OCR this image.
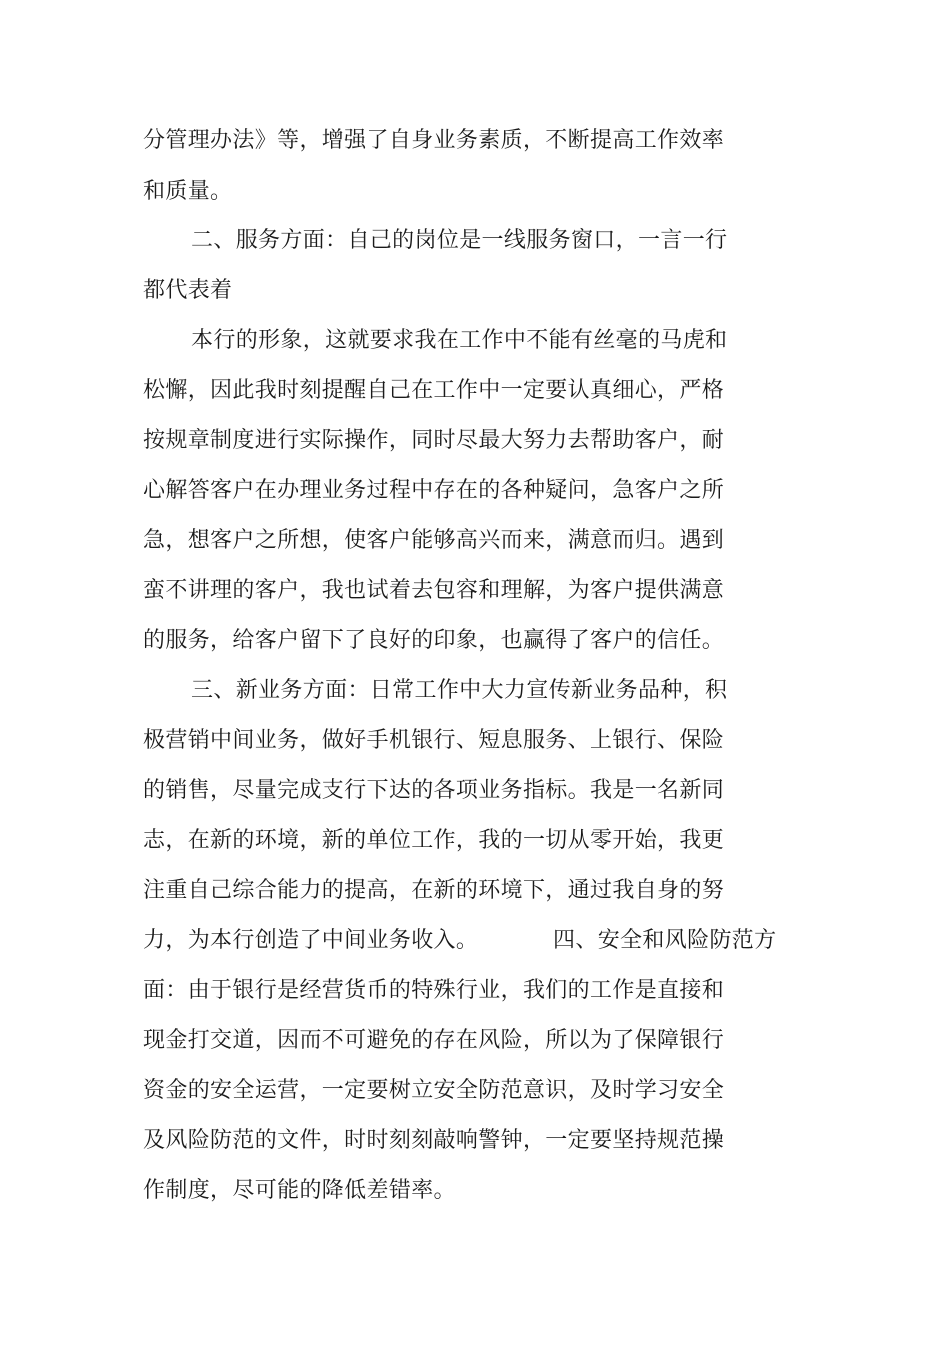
分管理办法》等，增强了自身业务素质，不断提高工作效率
和质量。
二、服务方面：自己的岗位是一线服务窗口，一言一行
都代表着
本行的形象，这就要求我在工作中不能有丝毫的马虎和
松懈，因此我时刻提醒自己在工作中一定要认真细心，严格
按规章制度进行实际操作，同时尽最大努力去帮助客户，耐
心解答客户在办理业务过程中存在的各种疑问，急客户之所
急，想客户之所想，使客户能够高兴而来，满意而归。遇到
蛮不讲理的客户，我也试着去包容和理解，为客户提供满意
的服务，给客户留下了良好的印象，也赢得了客户的信任。
三、新业务方面：日常工作中大力宣传新业务品种，积
极营销中间业务，做好手机银行、短息服务、上银行、保险
的销售，尽量完成支行下达的各项业务指标。我是一名新同
志，在新的环境，新的单位工作，我的一切从零开始，我更
注重自己综合能力的提高，在新的环境下，通过我自身的努
力，为本行创造了中间业务收入。	四、安全和风险防范方
面：由于银行是经营货币的特殊行业，我们的工作是直接和
现金打交道，因而不可避免的存在风险，所以为了保障银行
资金的安全运营，一定要树立安全防范意识，及时学习安全
及风险防范的文件，时时刻刻敲响警钟，一定要坚持规范操
作制度，尽可能的降低差错率。
